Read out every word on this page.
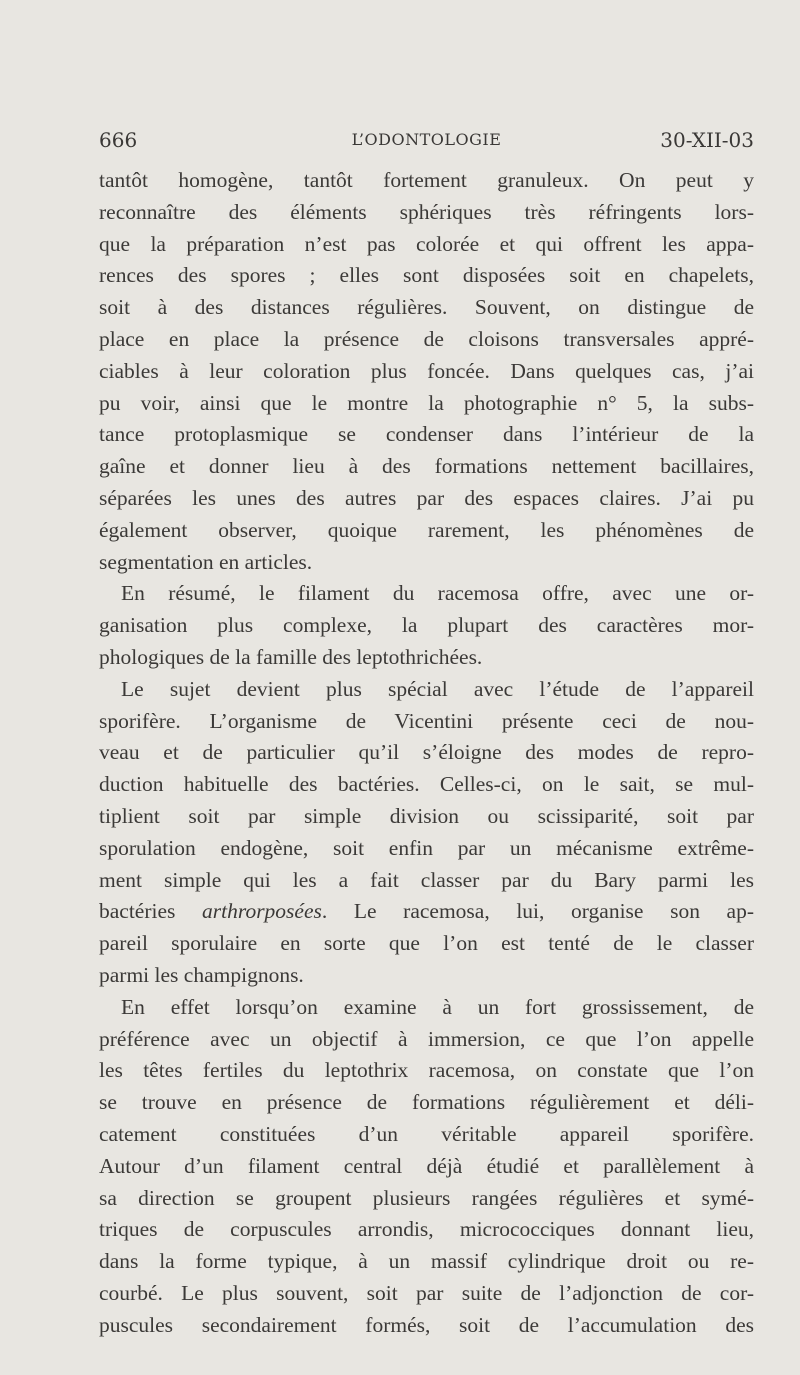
666	L’ODONTOLOGIE	30-XII-03
tantôt homogène, tantôt fortement granuleux. On peut y
reconnaître des éléments sphériques très réfringents lors-
que la préparation n’est pas colorée et qui offrent les appa-
rences des spores ; elles sont disposées soit en chapelets,
soit à des distances régulières. Souvent, on distingue de
place en place la présence de cloisons transversales appré-
ciables à leur coloration plus foncée. Dans quelques cas, j’ai
pu voir, ainsi que le montre la photographie n° 5, la subs-
tance protoplasmique se condenser dans l’intérieur de la
gaîne et donner lieu à des formations nettement bacillaires,
séparées les unes des autres par des espaces claires. J’ai pu
également observer, quoique rarement, les phénomènes de
segmentation en articles.
En résumé, le filament du racemosa offre, avec une or-
ganisation plus complexe, la plupart des caractères mor-
phologiques de la famille des leptothrichées.
Le sujet devient plus spécial avec l’étude de l’appareil
sporifère. L’organisme de Vicentini présente ceci de nou-
veau et de particulier qu’il s’éloigne des modes de repro-
duction habituelle des bactéries. Celles-ci, on le sait, se mul-
tiplient soit par simple division ou scissiparité, soit par
sporulation endogène, soit enfin par un mécanisme extrême-
ment simple qui les a fait classer par du Bary parmi les
bactéries arthrorposées. Le racemosa, lui, organise son ap-
pareil sporulaire en sorte que l’on est tenté de le classer
parmi les champignons.
En effet lorsqu’on examine à un fort grossissement, de
préférence avec un objectif à immersion, ce que l’on appelle
les têtes fertiles du leptothrix racemosa, on constate que l’on
se trouve en présence de formations régulièrement et déli-
catement constituées d’un véritable appareil sporifère.
Autour d’un filament central déjà étudié et parallèlement à
sa direction se groupent plusieurs rangées régulières et symé-
triques de corpuscules arrondis, micrococciques donnant lieu,
dans la forme typique, à un massif cylindrique droit ou re-
courbé. Le plus souvent, soit par suite de l’adjonction de cor-
puscules secondairement formés, soit de l’accumulation des
